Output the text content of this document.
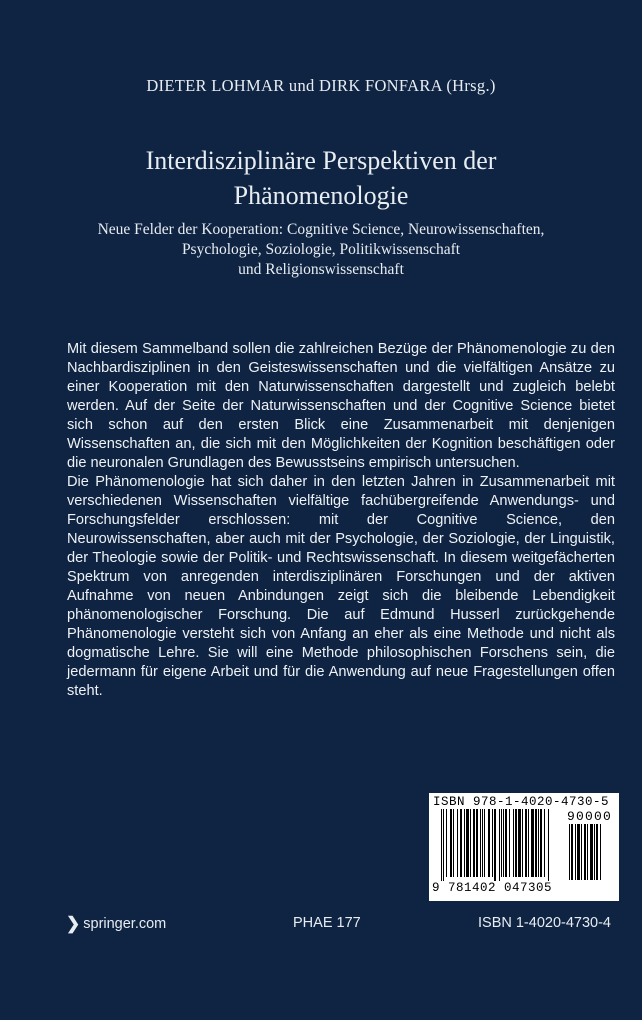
DIETER LOHMAR und DIRK FONFARA (Hrsg.)
Interdisziplinäre Perspektiven der
Phänomenologie
Neue Felder der Kooperation: Cognitive Science, Neurowissenschaften,
Psychologie, Soziologie, Politikwissenschaft
und Religionswissenschaft

Mit diesem Sammelband sollen die zahlreichen Bezüge der Phänomenologie zu den Nachbardisziplinen in den Geisteswissenschaften und die vielfältigen Ansätze zu einer Kooperation mit den Naturwissenschaften dargestellt und zugleich belebt werden. Auf der Seite der Naturwissenschaften und der Cognitive Science bietet sich schon auf den ersten Blick eine Zusammenarbeit mit denjenigen Wissenschaften an, die sich mit den Möglichkeiten der Kognition beschäftigen oder die neuronalen Grundlagen des Bewusstseins empirisch untersuchen.

Die Phänomenologie hat sich daher in den letzten Jahren in Zusammenarbeit mit verschiedenen Wissenschaften vielfältige fachübergreifende Anwendungs- und Forschungsfelder erschlossen: mit der Cognitive Science, den Neurowissenschaften, aber auch mit der Psychologie, der Soziologie, der Linguistik, der Theologie sowie der Politik- und Rechtswissenschaft. In diesem weitgefächerten Spektrum von anregenden interdisziplinären Forschungen und der aktiven Aufnahme von neuen Anbindungen zeigt sich die bleibende Lebendigkeit phänomenologischer Forschung. Die auf Edmund Husserl zurückgehende Phänomenologie versteht sich von Anfang an eher als eine Methode und nicht als dogmatische Lehre. Sie will eine Methode philosophischen Forschens sein, die jedermann für eigene Arbeit und für die Anwendung auf neue Fragestellungen offen steht.

ISBN 978-1-4020-4730-5
90000
9 781402 047305
❯ springer.com	PHAE 177	ISBN 1-4020-4730-4
